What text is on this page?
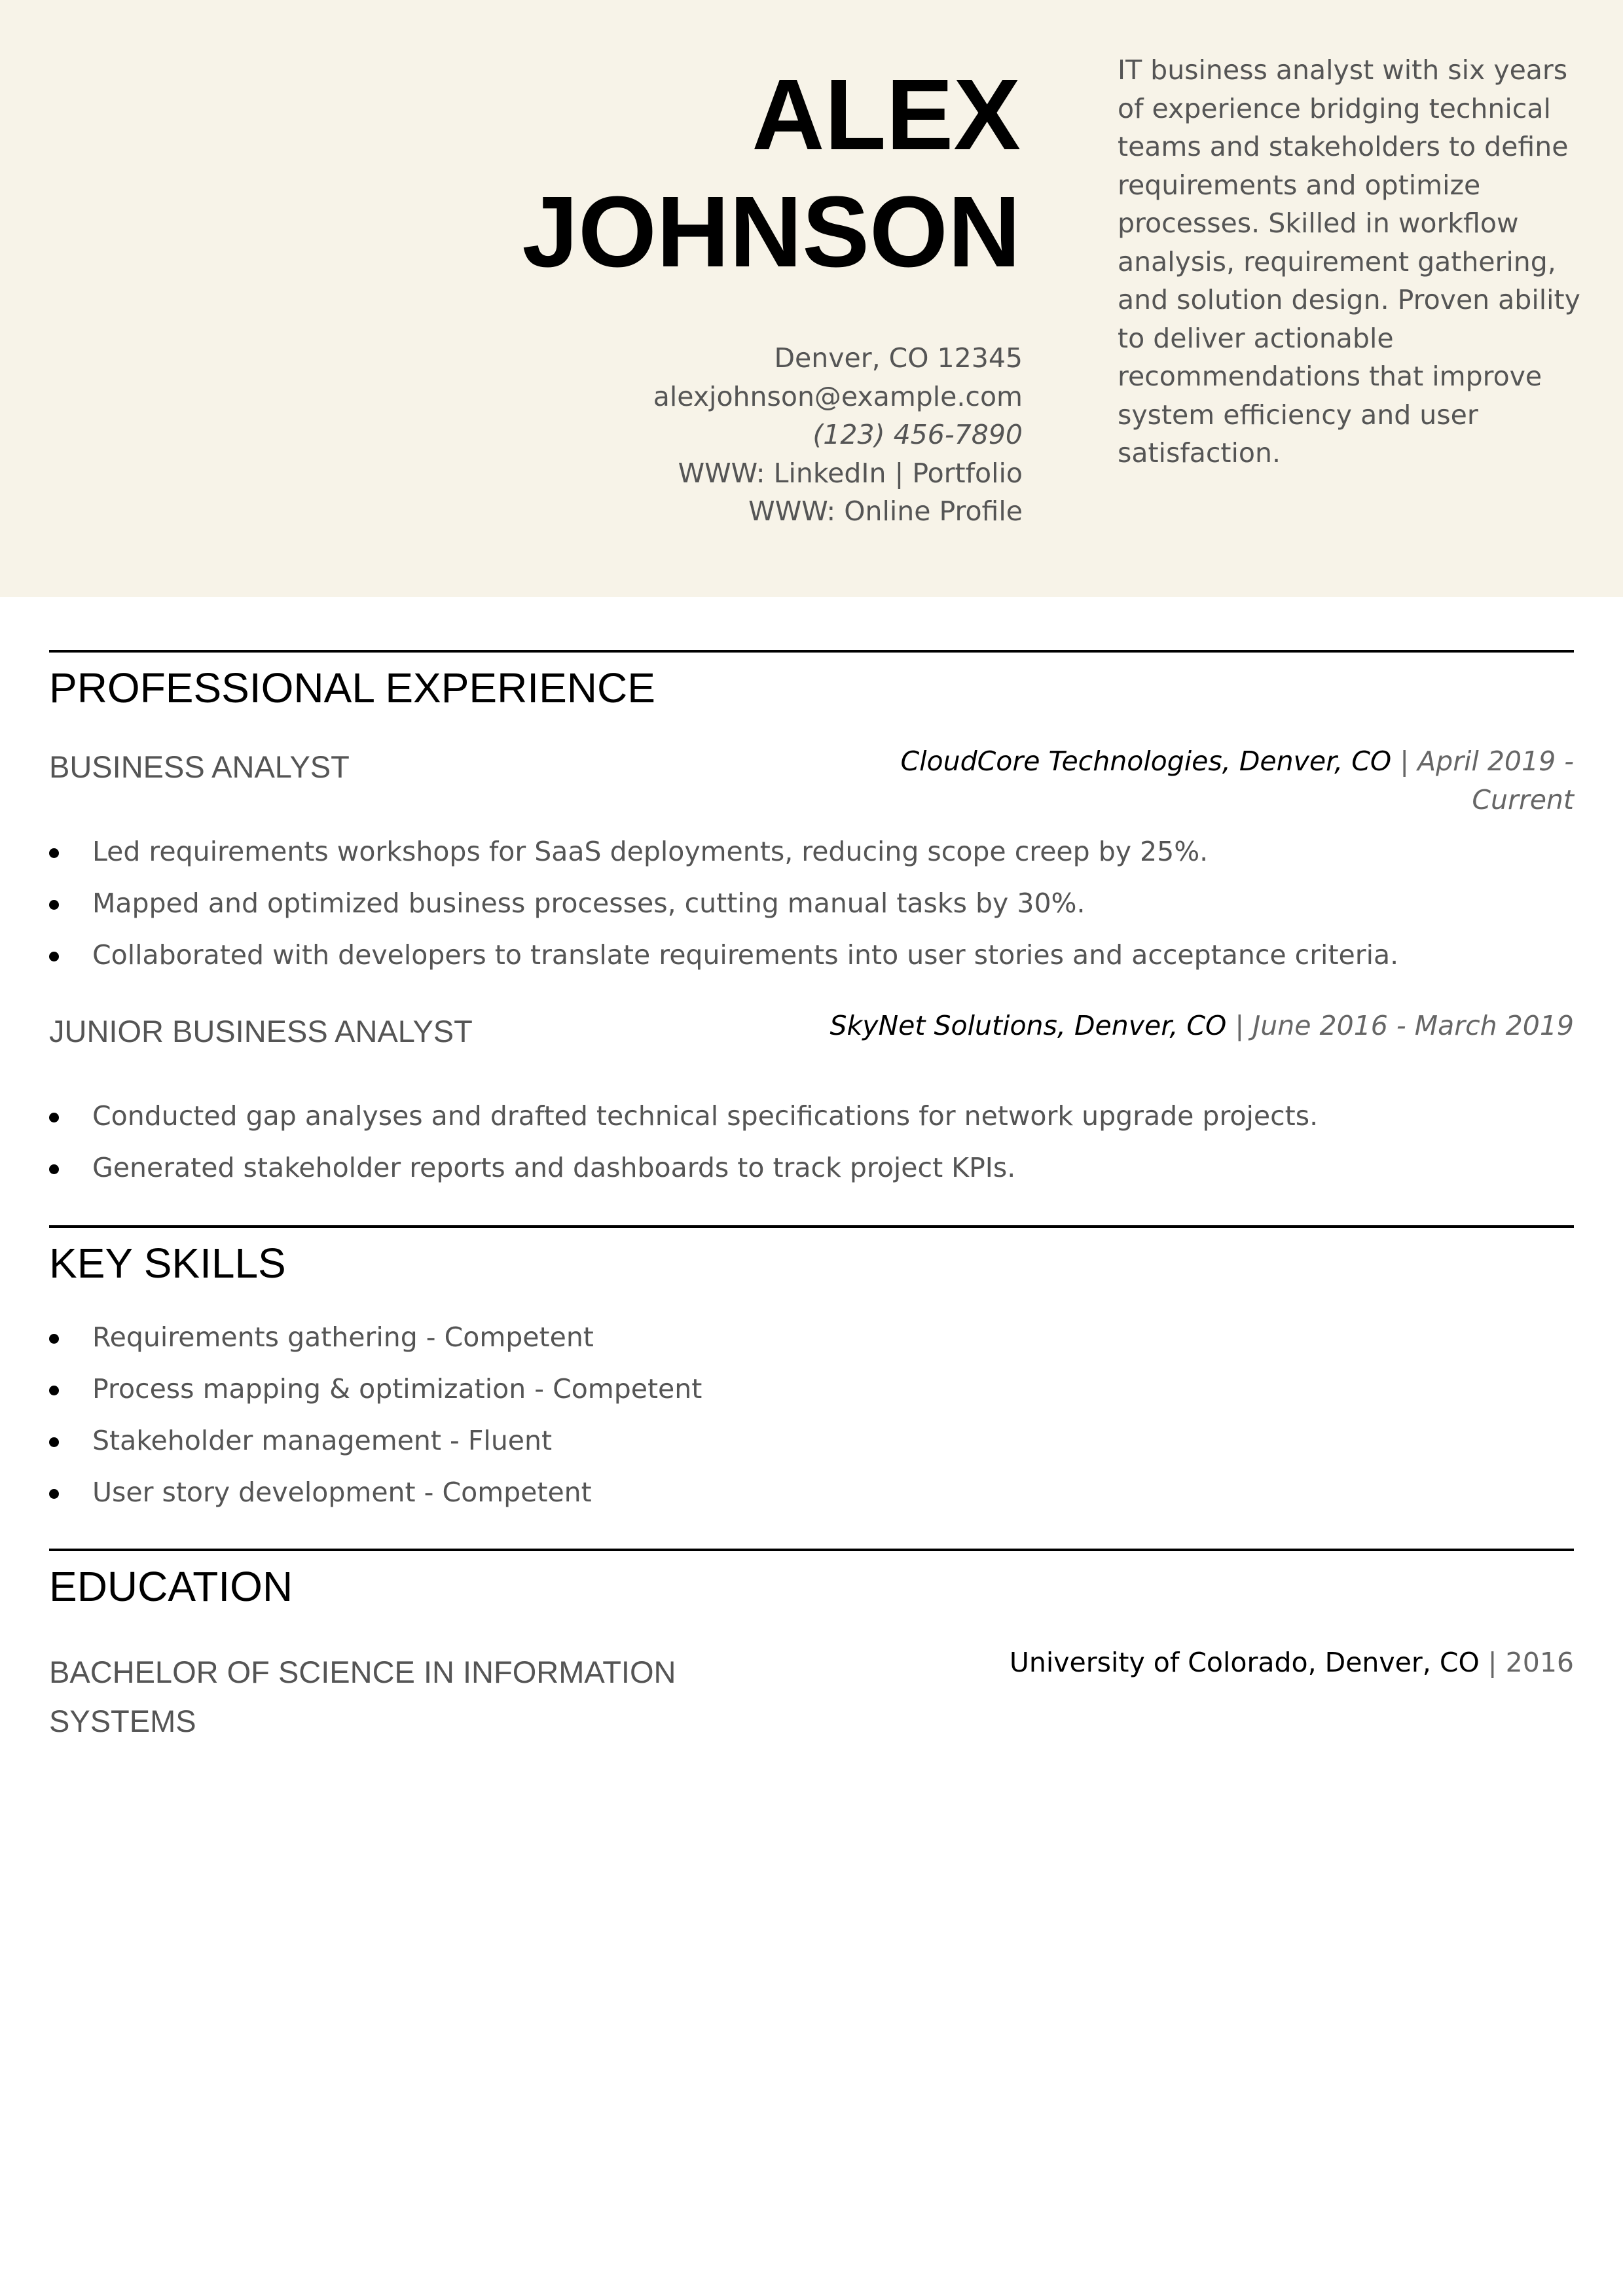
ALEX
JOHNSON
Denver, CO 12345
alexjohnson@example.com
(123) 456-7890
WWW: LinkedIn | Portfolio
WWW: Online Profile

IT business analyst with six years of experience bridging technical teams and stakeholders to define requirements and optimize processes. Skilled in workflow analysis, requirement gathering, and solution design. Proven ability to deliver actionable recommendations that improve system efficiency and user satisfaction.

PROFESSIONAL EXPERIENCE
BUSINESS ANALYST	CloudCore Technologies, Denver, CO | April 2019 - Current
Led requirements workshops for SaaS deployments, reducing scope creep by 25%.
Mapped and optimized business processes, cutting manual tasks by 30%.
Collaborated with developers to translate requirements into user stories and acceptance criteria.
JUNIOR BUSINESS ANALYST	SkyNet Solutions, Denver, CO | June 2016 - March 2019
Conducted gap analyses and drafted technical specifications for network upgrade projects.
Generated stakeholder reports and dashboards to track project KPIs.
KEY SKILLS
Requirements gathering - Competent
Process mapping & optimization - Competent
Stakeholder management - Fluent
User story development - Competent
EDUCATION
BACHELOR OF SCIENCE IN INFORMATION SYSTEMS
University of Colorado, Denver, CO | 2016
